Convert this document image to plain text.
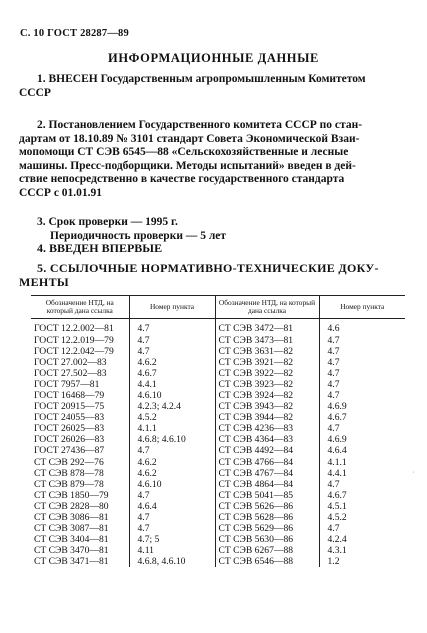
С. 10 ГОСТ 28287—89
ИНФОРМАЦИОННЫЕ ДАННЫЕ
1. ВНЕСЕН Государственным агропромышленным Комитетом
СССР
2. Постановлением Государственного комитета СССР по стан-
дартам от 18.10.89 № 3101 стандарт Совета Экономической Взаи-
мопомощи СТ СЭВ 6545—88 «Сельскохозяйственные и лесные
машины. Пресс-подборщики. Методы испытаний» введен в дей-
ствие непосредственно в качестве государственного стандарта
СССР с 01.01.91
3. Срок проверки — 1995 г.
Периодичность проверки — 5 лет
4. ВВЕДЕН ВПЕРВЫЕ
5. ССЫЛОЧНЫЕ НОРМАТИВНО-ТЕХНИЧЕСКИЕ ДОКУ-
МЕНТЫ
Обозначение НТД, на который дана ссылка	Номер пункта	Обозначение НТД, на который дана ссылка	Номер пункта
ГОСТ 12.2.002—81	4.7	СТ СЭВ 3472—81	4.6
ГОСТ 12.2.019—79	4.7	СТ СЭВ 3473—81	4.7
ГОСТ 12.2.042—79	4.7	СТ СЭВ 3631—82	4.7
ГОСТ 27.002—83	4.6.2	СТ СЭВ 3921—82	4.7
ГОСТ 27.502—83	4.6.7	СТ СЭВ 3922—82	4.7
ГОСТ 7957—81	4.4.1	СТ СЭВ 3923—82	4.7
ГОСТ 16468—79	4.6.10	СТ СЭВ 3924—82	4.7
ГОСТ 20915—75	4.2.3; 4.2.4	СТ СЭВ 3943—82	4.6.9
ГОСТ 24055—83	4.5.2	СТ СЭВ 3944—82	4.6.7
ГОСТ 26025—83	4.1.1	СТ СЭВ 4236—83	4.7
ГОСТ 26026—83	4.6.8; 4.6.10	СТ СЭВ 4364—83	4.6.9
ГОСТ 27436—87	4.7	СТ СЭВ 4492—84	4.6.4
СТ СЭВ 292—76	4.6.2	СТ СЭВ 4766—84	4.1.1
СТ СЭВ 878—78	4.6.2	СТ СЭВ 4767—84	4.4.1
СТ СЭВ 879—78	4.6.10	СТ СЭВ 4864—84	4.7
СТ СЭВ 1850—79	4.7	СТ СЭВ 5041—85	4.6.7
СТ СЭВ 2828—80	4.6.4	СТ СЭВ 5626—86	4.5.1
СТ СЭВ 3086—81	4.7	СТ СЭВ 5628—86	4.5.2
СТ СЭВ 3087—81	4.7	СТ СЭВ 5629—86	4.7
СТ СЭВ 3404—81	4.7; 5	СТ СЭВ 5630—86	4.2.4
СТ СЭВ 3470—81	4.11	СТ СЭВ 6267—88	4.3.1
СТ СЭВ 3471—81	4.6.8, 4.6.10	СТ СЭВ 6546—88	1.2
˙
